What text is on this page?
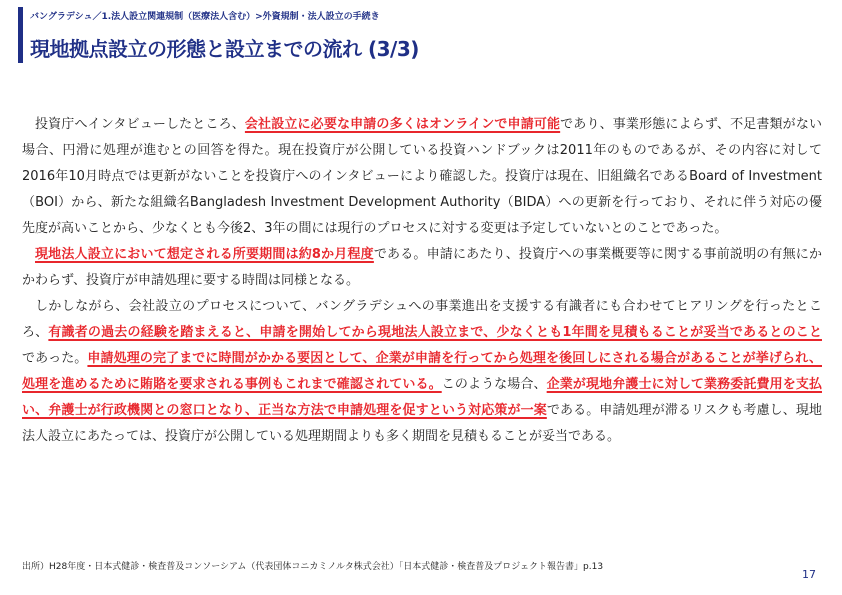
バングラデシュ／1.法人設立関連規制（医療法人含む）>外資規制・法人設立の手続き
現地拠点設立の形態と設立までの流れ (3/3)

投資庁へインタビューしたところ、会社設立に必要な申請の多くはオンラインで申請可能であり、事業形態によらず、不足書類がない場合、円滑に処理が進むとの回答を得た。現在投資庁が公開している投資ハンドブックは2011年のものであるが、その内容に対して2016年10月時点では更新がないことを投資庁へのインタビューにより確認した。投資庁は現在、旧組織名であるBoard of Investment（BOI）から、新たな組織名Bangladesh Investment Development Authority（BIDA）への更新を行っており、それに伴う対応の優先度が高いことから、少なくとも今後2、3年の間には現行のプロセスに対する変更は予定していないとのことであった。

現地法人設立において想定される所要期間は約8か月程度である。申請にあたり、投資庁への事業概要等に関する事前説明の有無にかかわらず、投資庁が申請処理に要する時間は同様となる。

しかしながら、会社設立のプロセスについて、バングラデシュへの事業進出を支援する有識者にも合わせてヒアリングを行ったところ、有識者の過去の経験を踏まえると、申請を開始してから現地法人設立まで、少なくとも1年間を見積もることが妥当であるとのことであった。申請処理の完了までに時間がかかる要因として、企業が申請を行ってから処理を後回しにされる場合があることが挙げられ、処理を進めるために賄賂を要求される事例もこれまで確認されている。このような場合、企業が現地弁護士に対して業務委託費用を支払い、弁護士が行政機関との窓口となり、正当な方法で申請処理を促すという対応策が一案である。申請処理が滞るリスクも考慮し、現地法人設立にあたっては、投資庁が公開している処理期間よりも多く期間を見積もることが妥当である。

出所）H28年度・日本式健診・検査普及コンソーシアム（代表団体コニカミノルタ株式会社）「日本式健診・検査普及プロジェクト報告書」p.13
17
